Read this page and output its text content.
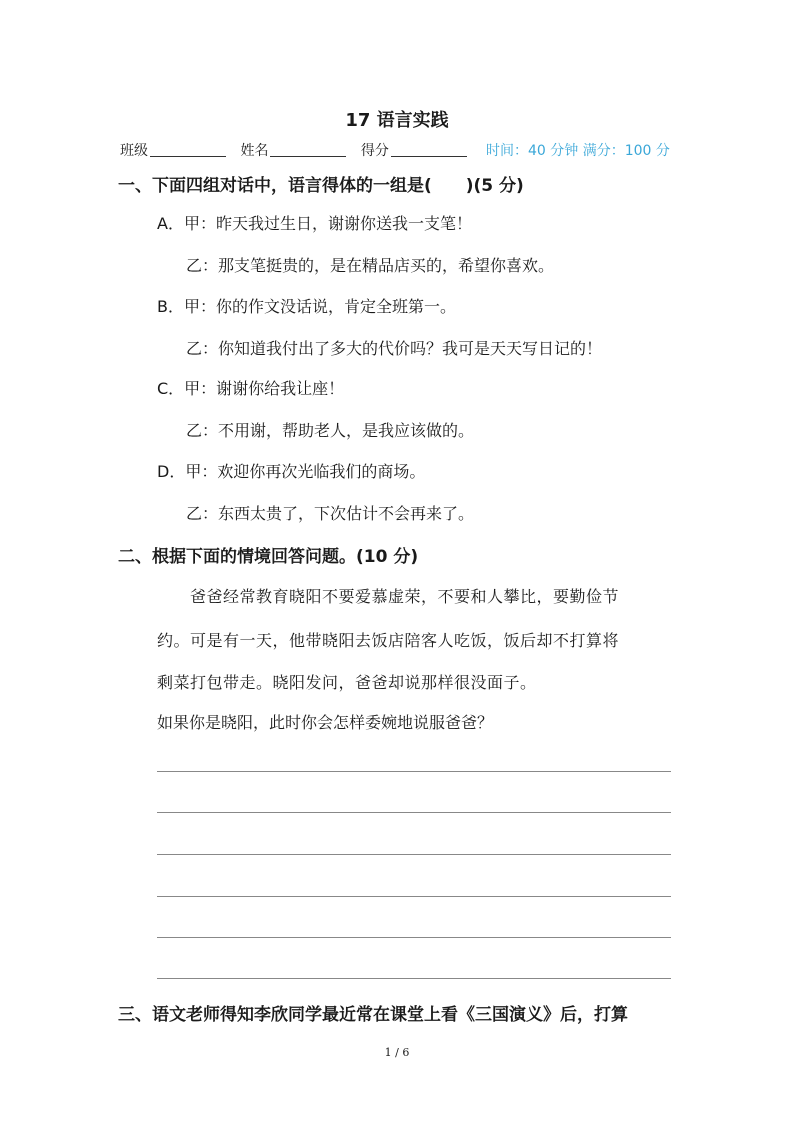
17 语言实践
班级	姓名	得分	时间：40 分钟 满分：100 分
一、下面四组对话中，语言得体的一组是(　　)(5 分)
A．甲：昨天我过生日，谢谢你送我一支笔！
乙：那支笔挺贵的，是在精品店买的，希望你喜欢。
B．甲：你的作文没话说，肯定全班第一。
乙：你知道我付出了多大的代价吗？我可是天天写日记的！
C．甲：谢谢你给我让座！
乙：不用谢，帮助老人，是我应该做的。
D．甲：欢迎你再次光临我们的商场。
乙：东西太贵了，下次估计不会再来了。
二、根据下面的情境回答问题。(10 分)
　　爸爸经常教育晓阳不要爱慕虚荣，不要和人攀比，要勤俭节
约。可是有一天，他带晓阳去饭店陪客人吃饭，饭后却不打算将
剩菜打包带走。晓阳发问，爸爸却说那样很没面子。
如果你是晓阳，此时你会怎样委婉地说服爸爸？
三、语文老师得知李欣同学最近常在课堂上看《三国演义》后，打算
1 / 6
